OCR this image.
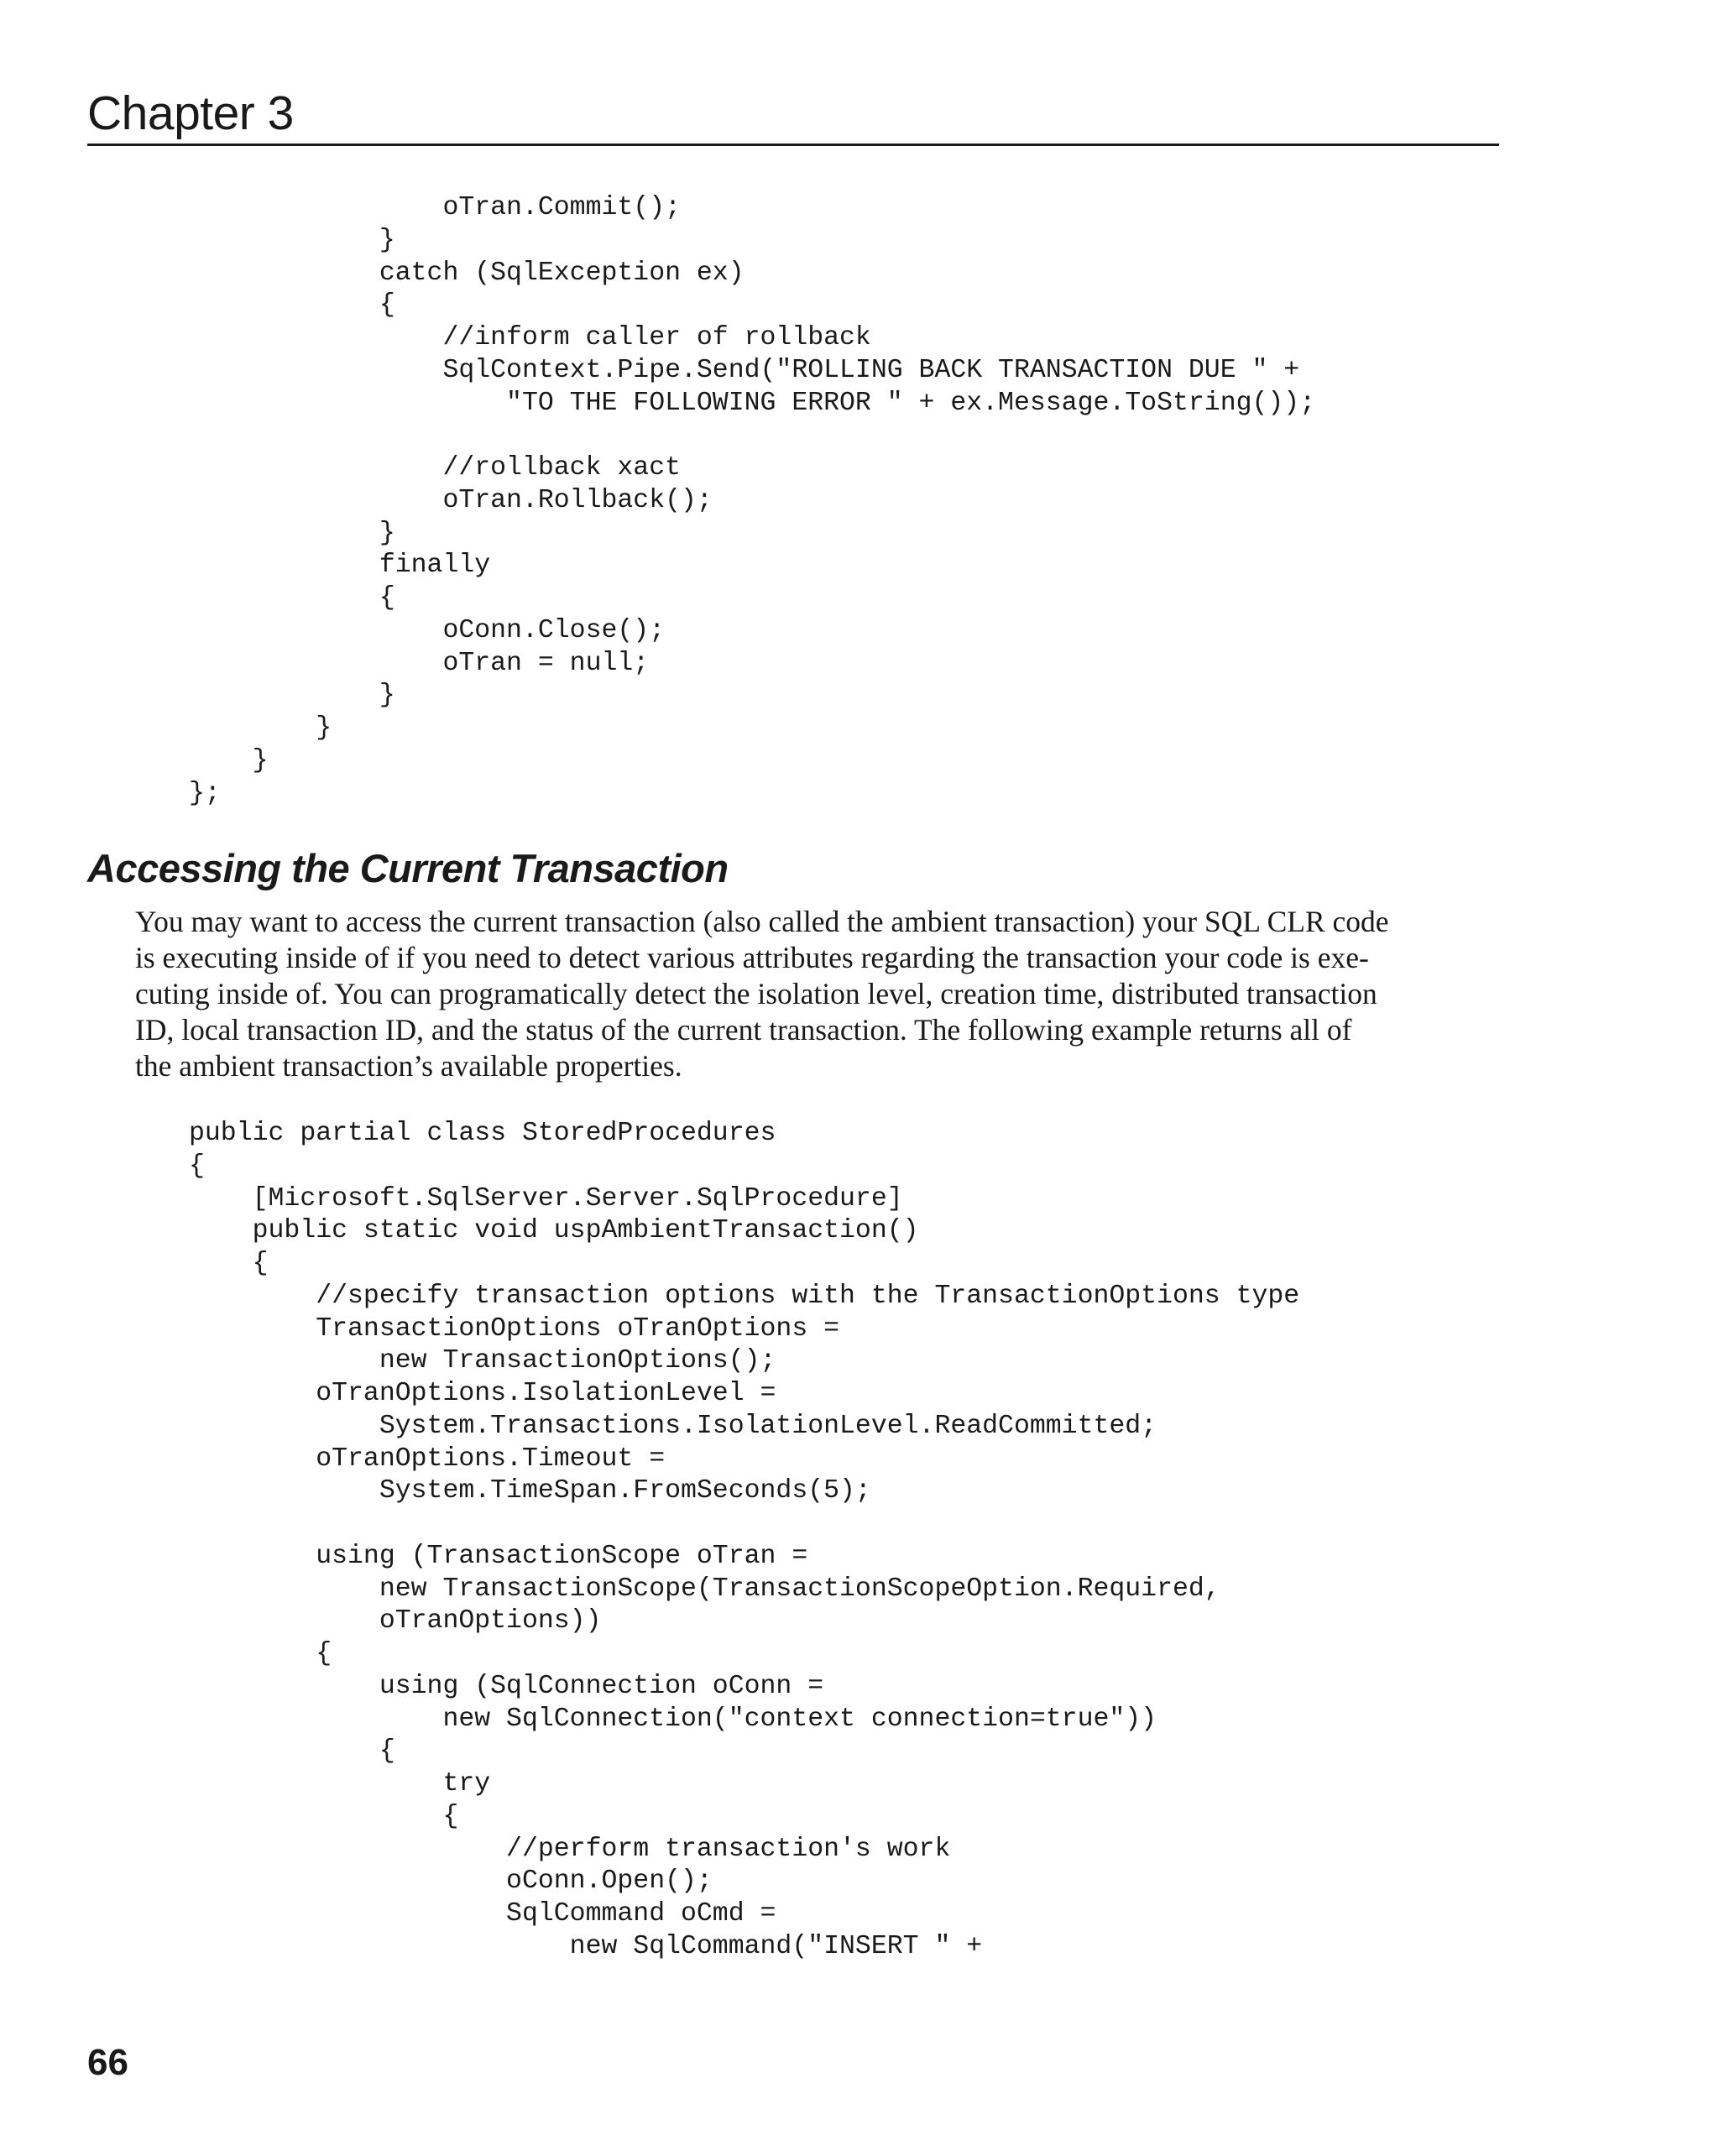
Chapter 3
oTran.Commit();
}
catch (SqlException ex)
{
//inform caller of rollback
SqlContext.Pipe.Send("ROLLING BACK TRANSACTION DUE " +
"TO THE FOLLOWING ERROR " + ex.Message.ToString());
//rollback xact
oTran.Rollback();
}
finally
{
oConn.Close();
oTran = null;
}
}
}
};
Accessing the Current Transaction

You may want to access the current transaction (also called the ambient transaction) your SQL CLR code
is executing inside of if you need to detect various attributes regarding the transaction your code is exe-
cuting inside of. You can programatically detect the isolation level, creation time, distributed transaction
ID, local transaction ID, and the status of the current transaction. The following example returns all of
the ambient transaction’s available properties.

public partial class StoredProcedures
{
[Microsoft.SqlServer.Server.SqlProcedure]
public static void uspAmbientTransaction()
{
//specify transaction options with the TransactionOptions type
TransactionOptions oTranOptions =
new TransactionOptions();
oTranOptions.IsolationLevel =
System.Transactions.IsolationLevel.ReadCommitted;
oTranOptions.Timeout =
System.TimeSpan.FromSeconds(5);
using (TransactionScope oTran =
new TransactionScope(TransactionScopeOption.Required,
oTranOptions))
{
using (SqlConnection oConn =
new SqlConnection("context connection=true"))
{
try
{
//perform transaction's work
oConn.Open();
SqlCommand oCmd =
new SqlCommand("INSERT " +
66
